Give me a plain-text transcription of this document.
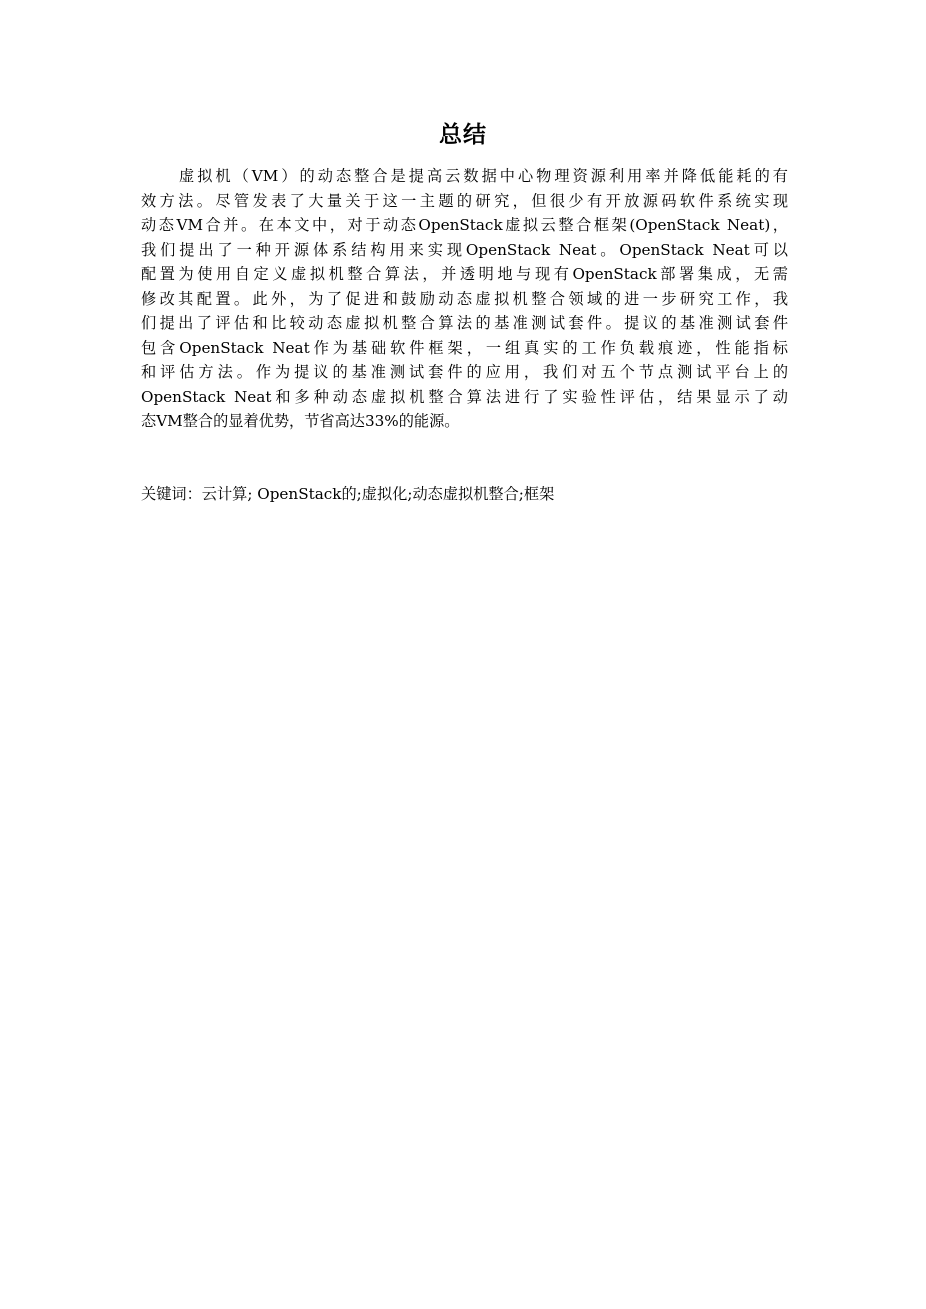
总结
虚拟机（VM）的动态整合是提高云数据中心物理资源利用率并降低能耗的有
效方法。尽管发表了大量关于这一主题的研究，但很少有开放源码软件系统实现
动态VM合并。在本文中，对于动态OpenStack虚拟云整合框架(OpenStack Neat)，
我们提出了一种开源体系结构用来实现OpenStack Neat。OpenStack Neat可以
配置为使用自定义虚拟机整合算法，并透明地与现有OpenStack部署集成，无需
修改其配置。此外，为了促进和鼓励动态虚拟机整合领域的进一步研究工作，我
们提出了评估和比较动态虚拟机整合算法的基准测试套件。提议的基准测试套件
包含OpenStack Neat作为基础软件框架，一组真实的工作负载痕迹，性能指标
和评估方法。作为提议的基准测试套件的应用，我们对五个节点测试平台上的
OpenStack Neat和多种动态虚拟机整合算法进行了实验性评估，结果显示了动
态VM整合的显着优势，节省高达33%的能源。
关键词：云计算; OpenStack的;虚拟化;动态虚拟机整合;框架
